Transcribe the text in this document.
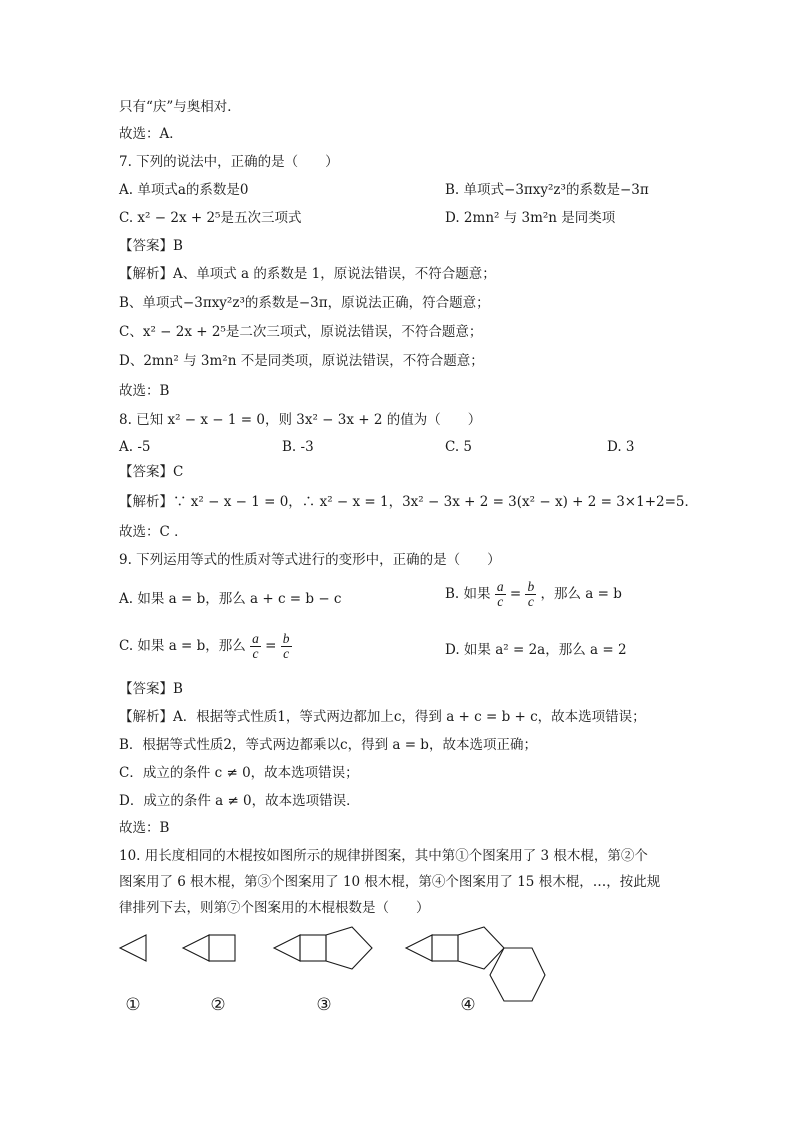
只有“庆”与奥相对．
故选：A．
7. 下列的说法中，正确的是（　　）
A. 单项式a的系数是0	B. 单项式−3πxy²z³的系数是−3π
C. x² − 2x + 2⁵是五次三项式	D. 2mn² 与 3m²n 是同类项
【答案】B
【解析】A、单项式 a 的系数是 1，原说法错误，不符合题意；
B、单项式−3πxy²z³的系数是−3π，原说法正确，符合题意；
C、x² − 2x + 2⁵是二次三项式，原说法错误，不符合题意；
D、2mn² 与 3m²n 不是同类项，原说法错误，不符合题意；
故选：B
8. 已知 x² − x − 1 = 0，则 3x² − 3x + 2 的值为（　　）
A. -5	B. -3	C. 5	D. 3
【答案】C
【解析】∵ x² − x − 1 = 0，∴ x² − x = 1，3x² − 3x + 2 = 3(x² − x) + 2 = 3×1+2=5．
故选：C ．
9. 下列运用等式的性质对等式进行的变形中，正确的是（　　）
A. 如果 a = b，那么 a + c = b − c	B. 如果 $\frac{a}{c} = \frac{b}{c}$ ，那么 a = b
C. 如果 a = b，那么 $\frac{a}{c} = \frac{b}{c}$	D. 如果 a² = 2a，那么 a = 2
【答案】B
【解析】A．根据等式性质1，等式两边都加上c，得到 a + c = b + c，故本选项错误；
B．根据等式性质2，等式两边都乘以c，得到 a = b，故本选项正确；
C．成立的条件 c ≠ 0，故本选项错误；
D．成立的条件 a ≠ 0，故本选项错误．
故选：B
10. 用长度相同的木棍按如图所示的规律拼图案，其中第①个图案用了 3 根木棍，第②个
图案用了 6 根木棍，第③个图案用了 10 根木棍，第④个图案用了 15 根木棍，…，按此规
律排列下去，则第⑦个图案用的木棍根数是（　　）
①	②	③	④
